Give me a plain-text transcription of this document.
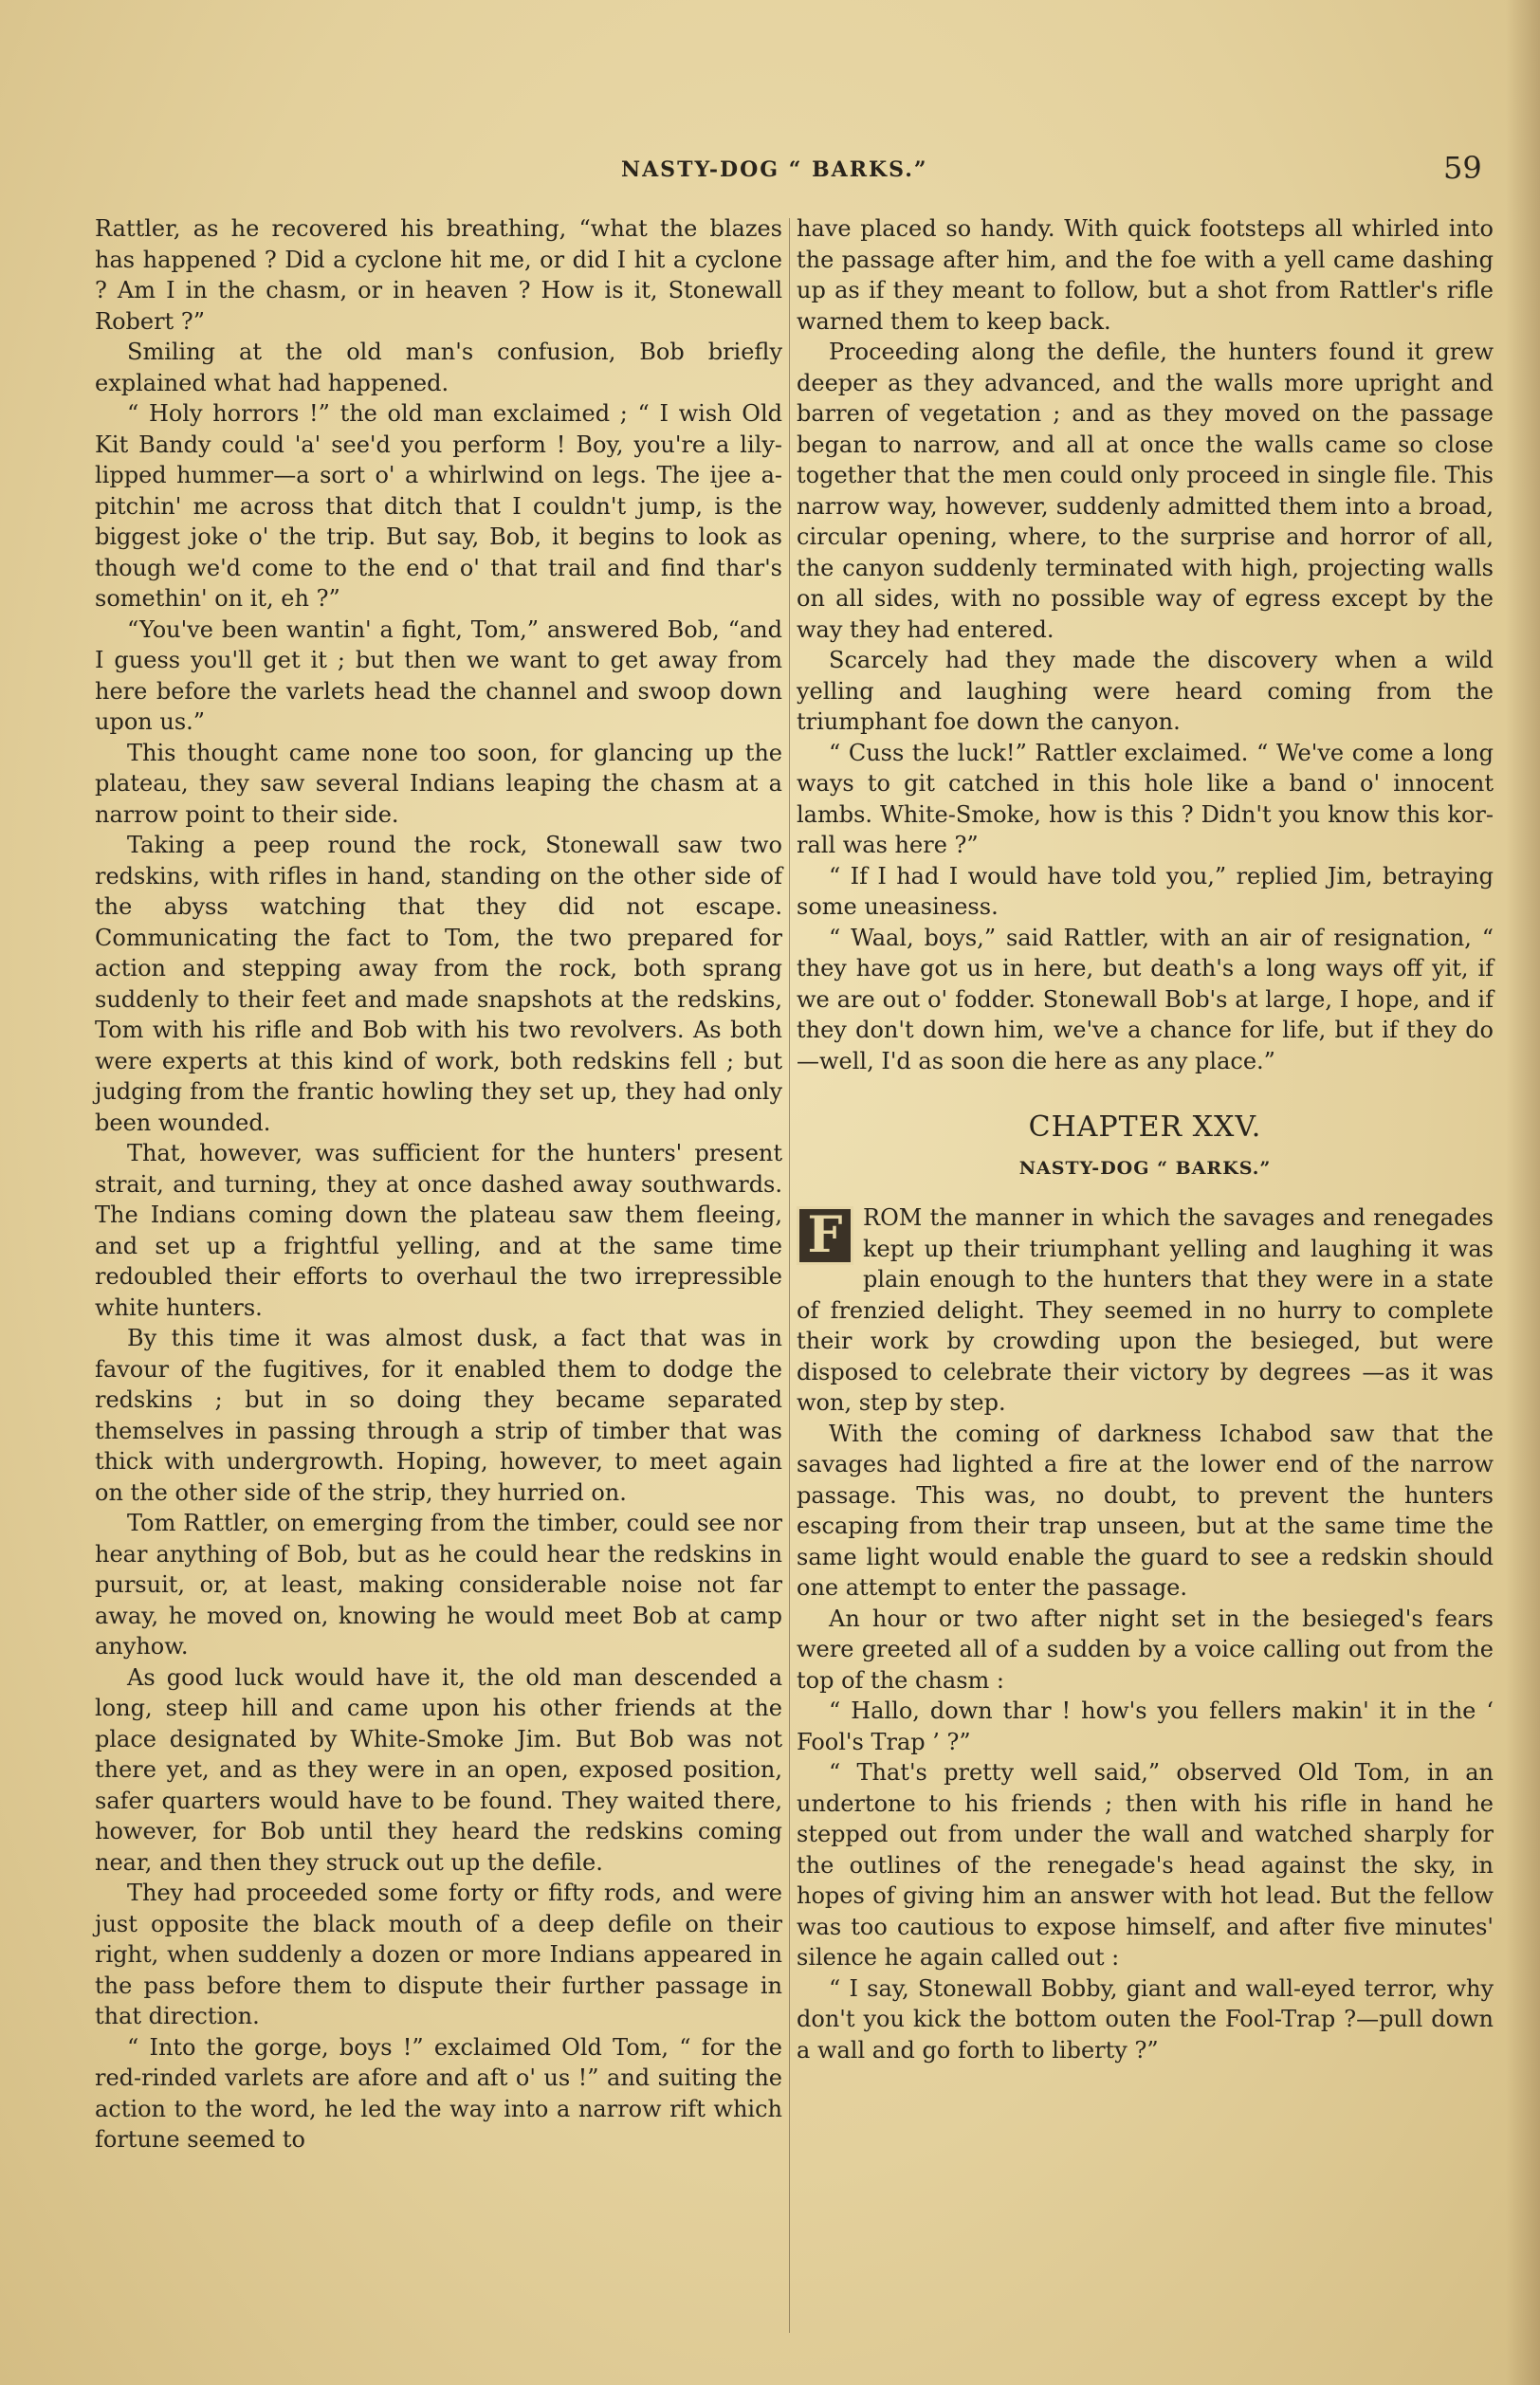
NASTY-DOG “ BARKS.”	59

Rattler, as he recovered his breathing, “what the blazes has happened ? Did a cyclone hit me, or did I hit a cyclone ? Am I in the chasm, or in heaven ? How is it, Stonewall Robert ?”

Smiling at the old man's confusion, Bob briefly explained what had happened.

“ Holy horrors !” the old man exclaimed ; “ I wish Old Kit Bandy could 'a' see'd you perform ! Boy, you're a lily-lipped hummer—a sort o' a whirlwind on legs. The ijee a-pitchin' me across that ditch that I couldn't jump, is the biggest joke o' the trip. But say, Bob, it begins to look as though we'd come to the end o' that trail and find thar's somethin' on it, eh ?”

“You've been wantin' a fight, Tom,” answered Bob, “and I guess you'll get it ; but then we want to get away from here before the varlets head the channel and swoop down upon us.”

This thought came none too soon, for glancing up the plateau, they saw several Indians leaping the chasm at a narrow point to their side.

Taking a peep round the rock, Stonewall saw two redskins, with rifles in hand, standing on the other side of the abyss watching that they did not escape. Communicating the fact to Tom, the two prepared for action and stepping away from the rock, both sprang suddenly to their feet and made snapshots at the redskins, Tom with his rifle and Bob with his two revolvers. As both were experts at this kind of work, both redskins fell ; but judging from the frantic howling they set up, they had only been wounded.

That, however, was sufficient for the hunters' present strait, and turning, they at once dashed away southwards. The Indians coming down the plateau saw them fleeing, and set up a frightful yelling, and at the same time redoubled their efforts to overhaul the two irrepressible white hunters.

By this time it was almost dusk, a fact that was in favour of the fugitives, for it enabled them to dodge the redskins ; but in so doing they became separated themselves in passing through a strip of timber that was thick with undergrowth. Hoping, however, to meet again on the other side of the strip, they hurried on.

Tom Rattler, on emerging from the timber, could see nor hear anything of Bob, but as he could hear the redskins in pursuit, or, at least, making considerable noise not far away, he moved on, knowing he would meet Bob at camp anyhow.

As good luck would have it, the old man descended a long, steep hill and came upon his other friends at the place designated by White-Smoke Jim. But Bob was not there yet, and as they were in an open, exposed position, safer quarters would have to be found. They waited there, however, for Bob until they heard the redskins coming near, and then they struck out up the defile.

They had proceeded some forty or fifty rods, and were just opposite the black mouth of a deep defile on their right, when suddenly a dozen or more Indians appeared in the pass before them to dispute their further passage in that direction.

“ Into the gorge, boys !” exclaimed Old Tom, “ for the red-rinded varlets are afore and aft o' us !” and suiting the action to the word, he led the way into a narrow rift which fortune seemed to

have placed so handy. With quick footsteps all whirled into the passage after him, and the foe with a yell came dashing up as if they meant to follow, but a shot from Rattler's rifle warned them to keep back.

Proceeding along the defile, the hunters found it grew deeper as they advanced, and the walls more upright and barren of vegetation ; and as they moved on the passage began to narrow, and all at once the walls came so close together that the men could only proceed in single file. This narrow way, however, suddenly admitted them into a broad, circular opening, where, to the surprise and horror of all, the canyon suddenly terminated with high, projecting walls on all sides, with no possible way of egress except by the way they had entered.

Scarcely had they made the discovery when a wild yelling and laughing were heard coming from the triumphant foe down the canyon.

“ Cuss the luck!” Rattler exclaimed. “ We've come a long ways to git catched in this hole like a band o' innocent lambs. White-Smoke, how is this ? Didn't you know this kor-rall was here ?”

“ If I had I would have told you,” replied Jim, betraying some uneasiness.

“ Waal, boys,” said Rattler, with an air of resignation, “ they have got us in here, but death's a long ways off yit, if we are out o' fodder. Stonewall Bob's at large, I hope, and if they don't down him, we've a chance for life, but if they do—well, I'd as soon die here as any place.”

CHAPTER XXV.
NASTY-DOG “ BARKS.”

F ROM the manner in which the savages and renegades kept up their triumphant yelling and laughing it was plain enough to the hunters that they were in a state of frenzied delight. They seemed in no hurry to complete their work by crowding upon the besieged, but were disposed to celebrate their victory by degrees —as it was won, step by step.

With the coming of darkness Ichabod saw that the savages had lighted a fire at the lower end of the narrow passage. This was, no doubt, to prevent the hunters escaping from their trap unseen, but at the same time the same light would enable the guard to see a redskin should one attempt to enter the passage.

An hour or two after night set in the besieged's fears were greeted all of a sudden by a voice calling out from the top of the chasm :

“ Hallo, down thar ! how's you fellers makin' it in the ‘ Fool's Trap ’ ?”

“ That's pretty well said,” observed Old Tom, in an undertone to his friends ; then with his rifle in hand he stepped out from under the wall and watched sharply for the outlines of the renegade's head against the sky, in hopes of giving him an answer with hot lead. But the fellow was too cautious to expose himself, and after five minutes' silence he again called out :

“ I say, Stonewall Bobby, giant and wall-eyed terror, why don't you kick the bottom outen the Fool-Trap ?—pull down a wall and go forth to liberty ?”
